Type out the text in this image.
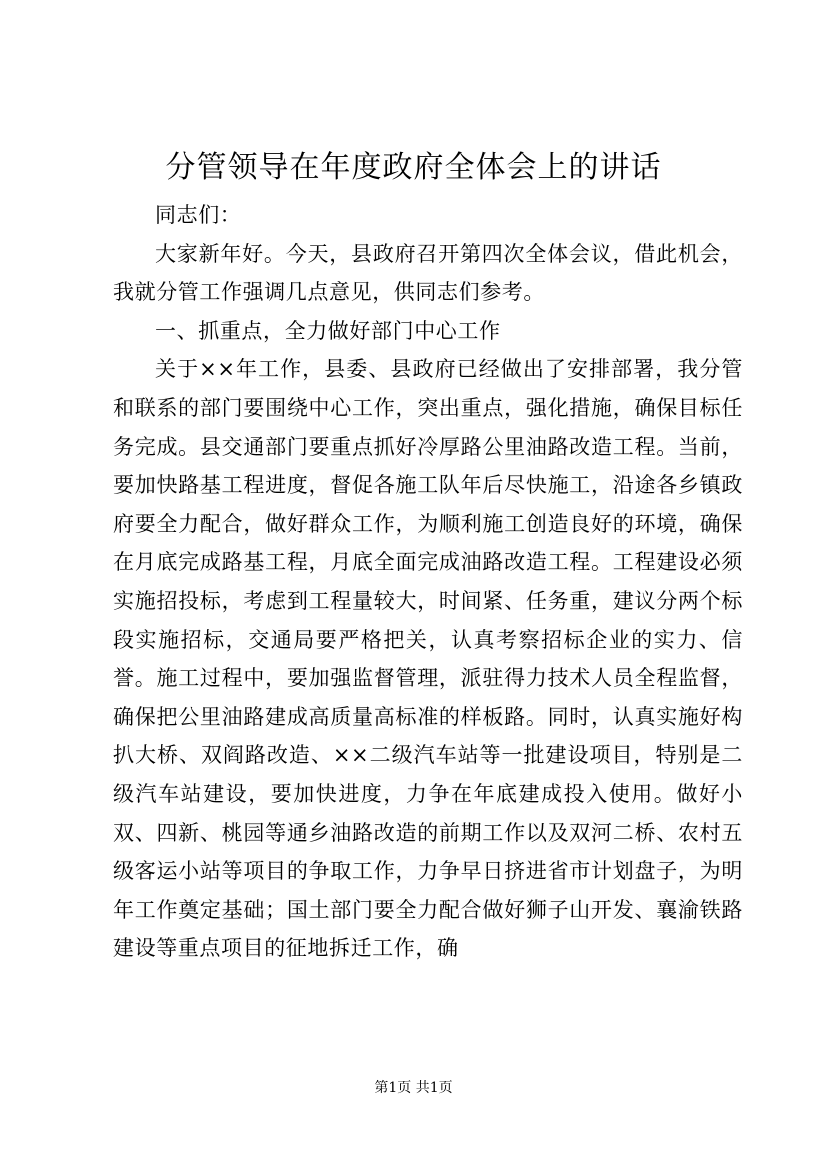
分管领导在年度政府全体会上的讲话

同志们：

大家新年好。今天，县政府召开第四次全体会议，借此机会，我就分管工作强调几点意见，供同志们参考。

一、抓重点，全力做好部门中心工作

关于××年工作，县委、县政府已经做出了安排部署，我分管和联系的部门要围绕中心工作，突出重点，强化措施，确保目标任务完成。县交通部门要重点抓好冷厚路公里油路改造工程。当前，要加快路基工程进度，督促各施工队年后尽快施工，沿途各乡镇政府要全力配合，做好群众工作，为顺利施工创造良好的环境，确保在月底完成路基工程，月底全面完成油路改造工程。工程建设必须实施招投标，考虑到工程量较大，时间紧、任务重，建议分两个标段实施招标，交通局要严格把关，认真考察招标企业的实力、信誉。施工过程中，要加强监督管理，派驻得力技术人员全程监督，确保把公里油路建成高质量高标准的样板路。同时，认真实施好构扒大桥、双阎路改造、××二级汽车站等一批建设项目，特别是二级汽车站建设，要加快进度，力争在年底建成投入使用。做好小双、四新、桃园等通乡油路改造的前期工作以及双河二桥、农村五级客运小站等项目的争取工作，力争早日挤进省市计划盘子，为明年工作奠定基础；国土部门要全力配合做好狮子山开发、襄渝铁路建设等重点项目的征地拆迁工作，确

第1页 共1页
